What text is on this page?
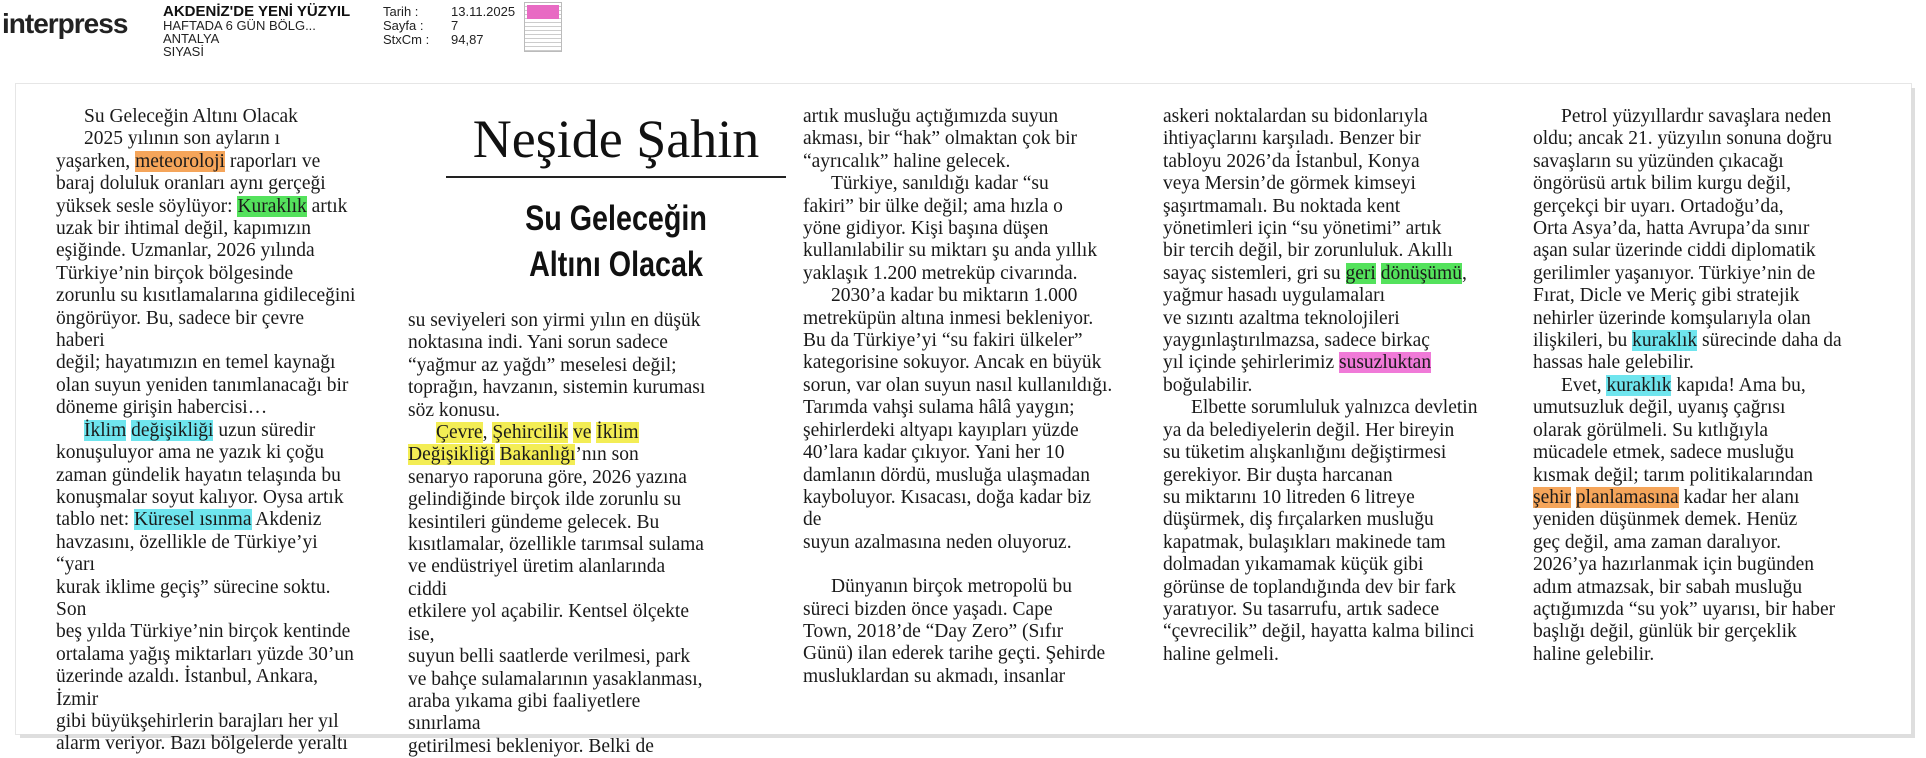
interpress AKDENİZ'DE YENİ YÜZYIL
HAFTADA 6 GÜN BÖLG...
ANTALYA
SIYASİ
Tarih :	13.11.2025
Sayfa :	7
StxCm :	94,87

Su Geleceğin Altını Olacak

2025 yılının son ayların ı

yaşarken, meteoroloji raporları ve

baraj doluluk oranları aynı gerçeği

yüksek sesle söylüyor: Kuraklık artık

uzak bir ihtimal değil, kapımızın

eşiğinde. Uzmanlar, 2026 yılında

Türkiye’nin birçok bölgesinde

zorunlu su kısıtlamalarına gidileceğini

öngörüyor. Bu, sadece bir çevre haberi

değil; hayatımızın en temel kaynağı

olan suyun yeniden tanımlanacağı bir

döneme girişin habercisi…

İklim değişikliği uzun süredir

konuşuluyor ama ne yazık ki çoğu

zaman gündelik hayatın telaşında bu

konuşmalar soyut kalıyor. Oysa artık

tablo net: Küresel ısınma Akdeniz

havzasını, özellikle de Türkiye’yi “yarı

kurak iklime geçiş” sürecine soktu. Son

beş yılda Türkiye’nin birçok kentinde

ortalama yağış miktarları yüzde 30’un

üzerinde azaldı. İstanbul, Ankara, İzmir

gibi büyükşehirlerin barajları her yıl

alarm veriyor. Bazı bölgelerde yeraltı

Neşide Şahin
Su Geleceğin
Altını Olacak

su seviyeleri son yirmi yılın en düşük

noktasına indi. Yani sorun sadece

“yağmur az yağdı” meselesi değil;

toprağın, havzanın, sistemin kuruması

söz konusu.

Çevre, Şehircilik ve İklim

Değişikliği Bakanlığı’nın son

senaryo raporuna göre, 2026 yazına

gelindiğinde birçok ilde zorunlu su

kesintileri gündeme gelecek. Bu

kısıtlamalar, özellikle tarımsal sulama

ve endüstriyel üretim alanlarında ciddi

etkilere yol açabilir. Kentsel ölçekte ise,

suyun belli saatlerde verilmesi, park

ve bahçe sulamalarının yasaklanması,

araba yıkama gibi faaliyetlere sınırlama

getirilmesi bekleniyor. Belki de

artık musluğu açtığımızda suyun

akması, bir “hak” olmaktan çok bir

“ayrıcalık” haline gelecek.

Türkiye, sanıldığı kadar “su

fakiri” bir ülke değil; ama hızla o

yöne gidiyor. Kişi başına düşen

kullanılabilir su miktarı şu anda yıllık

yaklaşık 1.200 metreküp civarında.

2030’a kadar bu miktarın 1.000

metreküpün altına inmesi bekleniyor.

Bu da Türkiye’yi “su fakiri ülkeler”

kategorisine sokuyor. Ancak en büyük

sorun, var olan suyun nasıl kullanıldığı.

Tarımda vahşi sulama hâlâ yaygın;

şehirlerdeki altyapı kayıpları yüzde

40’lara kadar çıkıyor. Yani her 10

damlanın dördü, musluğa ulaşmadan

kayboluyor. Kısacası, doğa kadar biz de

suyun azalmasına neden oluyoruz.

Dünyanın birçok metropolü bu

süreci bizden önce yaşadı. Cape

Town, 2018’de “Day Zero” (Sıfır

Günü) ilan ederek tarihe geçti. Şehirde

musluklardan su akmadı, insanlar

askeri noktalardan su bidonlarıyla

ihtiyaçlarını karşıladı. Benzer bir

tabloyu 2026’da İstanbul, Konya

veya Mersin’de görmek kimseyi

şaşırtmamalı. Bu noktada kent

yönetimleri için “su yönetimi” artık

bir tercih değil, bir zorunluluk. Akıllı

sayaç sistemleri, gri su geri dönüşümü,

yağmur hasadı uygulamaları

ve sızıntı azaltma teknolojileri

yaygınlaştırılmazsa, sadece birkaç

yıl içinde şehirlerimiz susuzluktan

boğulabilir.

Elbette sorumluluk yalnızca devletin

ya da belediyelerin değil. Her bireyin

su tüketim alışkanlığını değiştirmesi

gerekiyor. Bir duşta harcanan

su miktarını 10 litreden 6 litreye

düşürmek, diş fırçalarken musluğu

kapatmak, bulaşıkları makinede tam

dolmadan yıkamamak küçük gibi

görünse de toplandığında dev bir fark

yaratıyor. Su tasarrufu, artık sadece

“çevrecilik” değil, hayatta kalma bilinci

haline gelmeli.

Petrol yüzyıllardır savaşlara neden

oldu; ancak 21. yüzyılın sonuna doğru

savaşların su yüzünden çıkacağı

öngörüsü artık bilim kurgu değil,

gerçekçi bir uyarı. Ortadoğu’da,

Orta Asya’da, hatta Avrupa’da sınır

aşan sular üzerinde ciddi diplomatik

gerilimler yaşanıyor. Türkiye’nin de

Fırat, Dicle ve Meriç gibi stratejik

nehirler üzerinde komşularıyla olan

ilişkileri, bu kuraklık sürecinde daha da

hassas hale gelebilir.

Evet, kuraklık kapıda! Ama bu,

umutsuzluk değil, uyanış çağrısı

olarak görülmeli. Su kıtlığıyla

mücadele etmek, sadece musluğu

kısmak değil; tarım politikalarından

şehir planlamasına kadar her alanı

yeniden düşünmek demek. Henüz

geç değil, ama zaman daralıyor.

2026’ya hazırlanmak için bugünden

adım atmazsak, bir sabah musluğu

açtığımızda “su yok” uyarısı, bir haber

başlığı değil, günlük bir gerçeklik

haline gelebilir.
